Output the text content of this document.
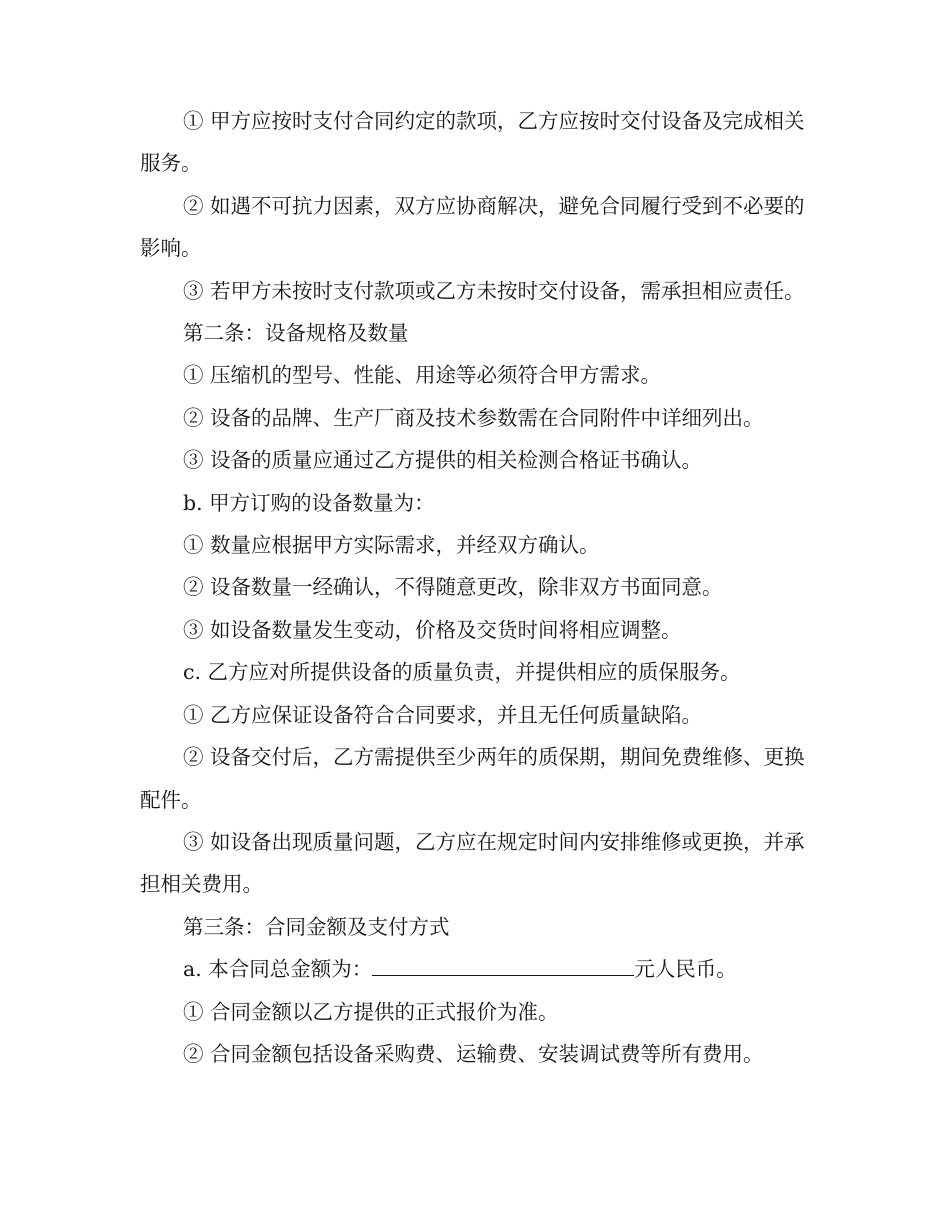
① 甲方应按时支付合同约定的款项，乙方应按时交付设备及完成相关服务。

② 如遇不可抗力因素，双方应协商解决，避免合同履行受到不必要的影响。

③ 若甲方未按时支付款项或乙方未按时交付设备，需承担相应责任。

第二条：设备规格及数量

① 压缩机的型号、性能、用途等必须符合甲方需求。

② 设备的品牌、生产厂商及技术参数需在合同附件中详细列出。

③ 设备的质量应通过乙方提供的相关检测合格证书确认。

b. 甲方订购的设备数量为：

① 数量应根据甲方实际需求，并经双方确认。

② 设备数量一经确认，不得随意更改，除非双方书面同意。

③ 如设备数量发生变动，价格及交货时间将相应调整。

c. 乙方应对所提供设备的质量负责，并提供相应的质保服务。

① 乙方应保证设备符合合同要求，并且无任何质量缺陷。

② 设备交付后，乙方需提供至少两年的质保期，期间免费维修、更换配件。

③ 如设备出现质量问题，乙方应在规定时间内安排维修或更换，并承担相关费用。

第三条：合同金额及支付方式

a. 本合同总金额为：	元人民币。

① 合同金额以乙方提供的正式报价为准。

② 合同金额包括设备采购费、运输费、安装调试费等所有费用。
